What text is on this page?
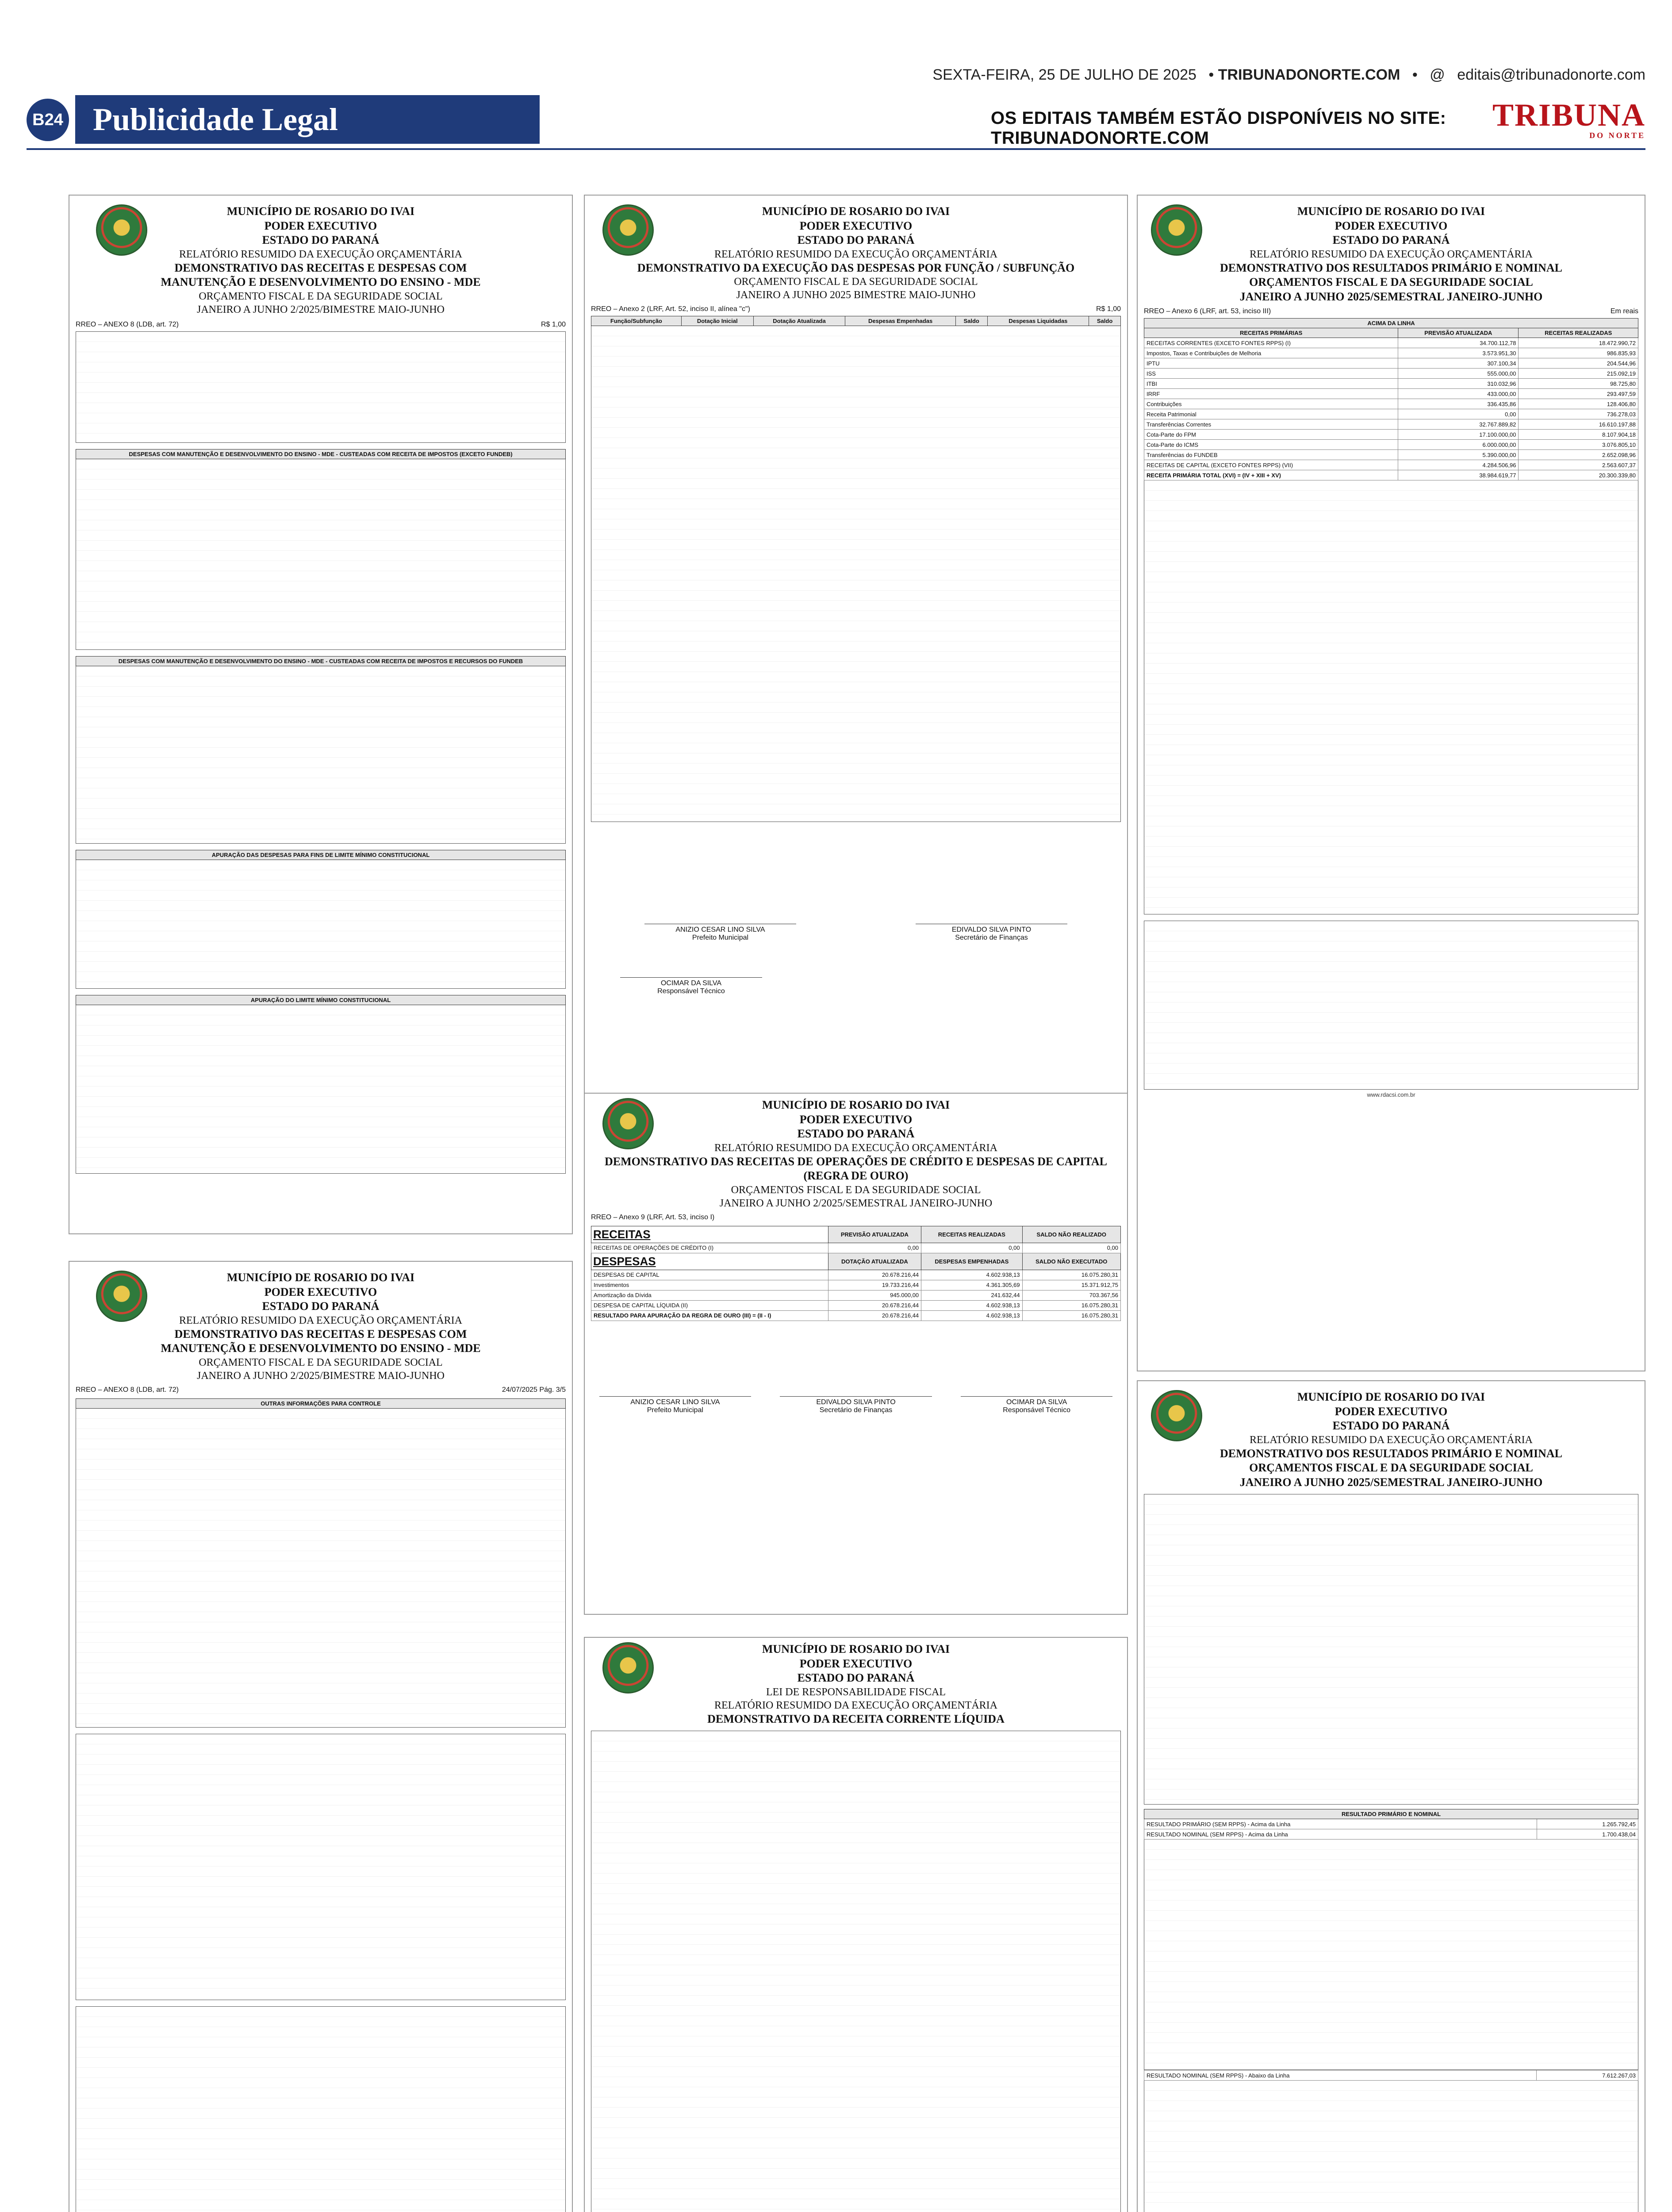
SEXTA-FEIRA, 25 DE JULHO DE 2025 • TRIBUNADONORTE.COM • @ editais@tribunadonorte.com
B24 Publicidade Legal	OS EDITAIS TAMBÉM ESTÃO DISPONÍVEIS NO SITE: TRIBUNADONORTE.COM
TRIBUNA
DO NORTE
MUNICÍPIO DE ROSARIO DO IVAI
PODER EXECUTIVO
ESTADO DO PARANÁ
RELATÓRIO RESUMIDO DA EXECUÇÃO ORÇAMENTÁRIA
DEMONSTRATIVO DAS RECEITAS E DESPESAS COM MANUTENÇÃO E DESENVOLVIMENTO DO ENSINO - MDE
ORÇAMENTO FISCAL E DA SEGURIDADE SOCIAL
JANEIRO A JUNHO 2/2025/BIMESTRE MAIO-JUNHO
RREO – ANEXO 8 (LDB, art. 72)	R$ 1,00
DESPESAS COM MANUTENÇÃO E DESENVOLVIMENTO DO ENSINO - MDE - CUSTEADAS COM RECEITA DE IMPOSTOS (EXCETO FUNDEB)
DESPESAS COM MANUTENÇÃO E DESENVOLVIMENTO DO ENSINO - MDE - CUSTEADAS COM RECEITA DE IMPOSTOS E RECURSOS DO FUNDEB
APURAÇÃO DAS DESPESAS PARA FINS DE LIMITE MÍNIMO CONSTITUCIONAL
APURAÇÃO DO LIMITE MÍNIMO CONSTITUCIONAL
MUNICÍPIO DE ROSARIO DO IVAI
PODER EXECUTIVO
ESTADO DO PARANÁ
RELATÓRIO RESUMIDO DA EXECUÇÃO ORÇAMENTÁRIA
DEMONSTRATIVO DAS RECEITAS E DESPESAS COM MANUTENÇÃO E DESENVOLVIMENTO DO ENSINO - MDE
ORÇAMENTO FISCAL E DA SEGURIDADE SOCIAL
JANEIRO A JUNHO 2/2025/BIMESTRE MAIO-JUNHO
RREO – ANEXO 8 (LDB, art. 72)	24/07/2025 Pág. 3/5
OUTRAS INFORMAÇÕES PARA CONTROLE
MUNICÍPIO DE ROSARIO DO IVAI
PODER EXECUTIVO
ESTADO DO PARANÁ
RELATÓRIO RESUMIDO DA EXECUÇÃO ORÇAMENTÁRIA
DEMONSTRATIVO DA EXECUÇÃO DAS DESPESAS POR FUNÇÃO / SUBFUNÇÃO
ORÇAMENTO FISCAL E DA SEGURIDADE SOCIAL
JANEIRO A JUNHO 2025 BIMESTRE MAIO-JUNHO
RREO – Anexo 2 (LRF, Art. 52, inciso II, alínea "c")	R$ 1,00
Função/Subfunção	Dotação Inicial	Dotação Atualizada	Despesas Empenhadas	Saldo	Despesas Liquidadas	Saldo
ANIZIO CESAR LINO SILVA
Prefeito Municipal
EDIVALDO SILVA PINTO
Secretário de Finanças
OCIMAR DA SILVA
Responsável Técnico
MUNICÍPIO DE ROSARIO DO IVAI
PODER EXECUTIVO
ESTADO DO PARANÁ
RELATÓRIO RESUMIDO DA EXECUÇÃO ORÇAMENTÁRIA
DEMONSTRATIVO DAS RECEITAS DE OPERAÇÕES DE CRÉDITO E DESPESAS DE CAPITAL (REGRA DE OURO)
ORÇAMENTOS FISCAL E DA SEGURIDADE SOCIAL
JANEIRO A JUNHO 2/2025/SEMESTRAL JANEIRO-JUNHO
RREO – Anexo 9 (LRF, Art. 53, inciso I)
RECEITAS	PREVISÃO ATUALIZADA	RECEITAS REALIZADAS	SALDO NÃO REALIZADO
RECEITAS DE OPERAÇÕES DE CRÉDITO (I)	0,00	0,00	0,00
DESPESAS	DOTAÇÃO ATUALIZADA	DESPESAS EMPENHADAS	SALDO NÃO EXECUTADO
DESPESAS DE CAPITAL	20.678.216,44	4.602.938,13	16.075.280,31
Investimentos	19.733.216,44	4.361.305,69	15.371.912,75
Amortização da Dívida	945.000,00	241.632,44	703.367,56
DESPESA DE CAPITAL LÍQUIDA (II)	20.678.216,44	4.602.938,13	16.075.280,31
RESULTADO PARA APURAÇÃO DA REGRA DE OURO (III) = (II - I)	20.678.216,44	4.602.938,13	16.075.280,31
ANIZIO CESAR LINO SILVA
Prefeito Municipal
EDIVALDO SILVA PINTO
Secretário de Finanças
OCIMAR DA SILVA
Responsável Técnico
MUNICÍPIO DE ROSARIO DO IVAI
PODER EXECUTIVO
ESTADO DO PARANÁ
LEI DE RESPONSABILIDADE FISCAL
RELATÓRIO RESUMIDO DA EXECUÇÃO ORÇAMENTÁRIA
DEMONSTRATIVO DA RECEITA CORRENTE LÍQUIDA

MUNICÍPIO DE ROSARIO DO IVAI
PODER EXECUTIVO
ESTADO DO PARANÁ
RELATÓRIO RESUMIDO DA EXECUÇÃO ORÇAMENTÁRIA
DEMONSTRATIVO DOS RESULTADOS PRIMÁRIO E NOMINAL
ORÇAMENTOS FISCAL E DA SEGURIDADE SOCIAL
JANEIRO A JUNHO 2025/SEMESTRAL JANEIRO-JUNHO
RREO – Anexo 6 (LRF, art. 53, inciso III)	Em reais
ACIMA DA LINHA		
RECEITAS PRIMÁRIAS	PREVISÃO ATUALIZADA	RECEITAS REALIZADAS
RECEITAS CORRENTES (EXCETO FONTES RPPS) (I)	34.700.112,78	18.472.990,72
Impostos, Taxas e Contribuições de Melhoria	3.573.951,30	986.835,93
IPTU	307.100,34	204.544,96
ISS	555.000,00	215.092,19
ITBI	310.032,96	98.725,80
IRRF	433.000,00	293.497,59
Contribuições	336.435,86	128.406,80
Receita Patrimonial	0,00	736.278,03
Transferências Correntes	32.767.889,82	16.610.197,88
Cota-Parte do FPM	17.100.000,00	8.107.904,18
Cota-Parte do ICMS	6.000.000,00	3.076.805,10
Transferências do FUNDEB	5.390.000,00	2.652.098,96
RECEITAS DE CAPITAL (EXCETO FONTES RPPS) (VII)	4.284.506,96	2.563.607,37
RECEITA PRIMÁRIA TOTAL (XVI) = (IV + XIII + XV)	38.984.619,77	20.300.339,80
www.rdacsi.com.br
MUNICÍPIO DE ROSARIO DO IVAI
PODER EXECUTIVO
ESTADO DO PARANÁ
RELATÓRIO RESUMIDO DA EXECUÇÃO ORÇAMENTÁRIA
DEMONSTRATIVO DOS RESULTADOS PRIMÁRIO E NOMINAL
ORÇAMENTOS FISCAL E DA SEGURIDADE SOCIAL
JANEIRO A JUNHO 2025/SEMESTRAL JANEIRO-JUNHO
RESULTADO PRIMÁRIO E NOMINAL	
RESULTADO PRIMÁRIO (SEM RPPS) - Acima da Linha	1.265.792,45
RESULTADO NOMINAL (SEM RPPS) - Acima da Linha	1.700.438,04
RESULTADO NOMINAL (SEM RPPS) - Abaixo da Linha	7.612.267,03
